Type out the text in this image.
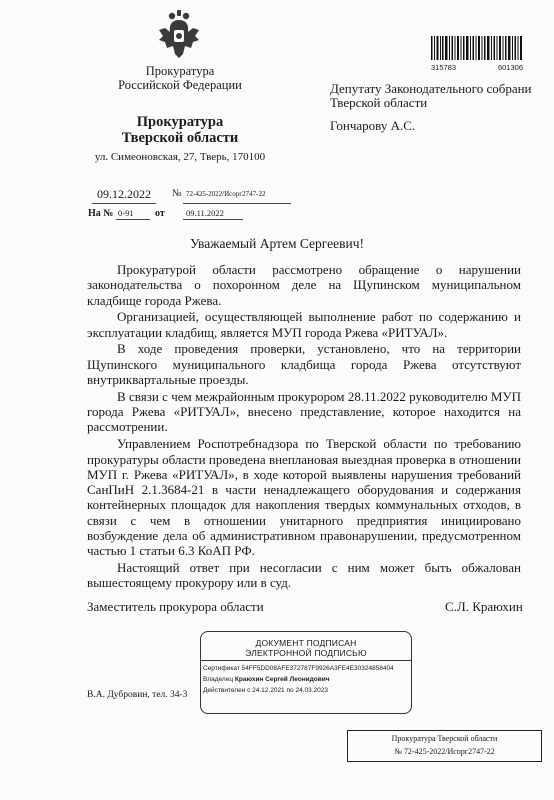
Прокуратура
Российской Федерации
Прокуратура
Тверской области
ул. Симеоновская, 27, Тверь, 170100
09.12.2022 № 72-425-2022/Исорг2747-22
На № 0-91 от 09.11.2022
315783	601306
Депутату Законодательного собрани
Тверской области
Гончарову А.С.
Уважаемый Артем Сергеевич!

Прокуратурой области рассмотрено обращение о нарушении законодательства о похоронном деле на Щупинском муниципальном кладбище города Ржева.

Организацией, осуществляющей выполнение работ по содержанию и эксплуатации кладбищ, является МУП города Ржева «РИТУАЛ».

В ходе проведения проверки, установлено, что на территории Щупинского муниципального кладбища города Ржева отсутствуют внутриквартальные проезды.

В связи с чем межрайонным прокурором 28.11.2022 руководителю МУП города Ржева «РИТУАЛ», внесено представление, которое находится на рассмотрении.

Управлением Роспотребнадзора по Тверской области по требованию прокуратуры области проведена внеплановая выездная проверка в отношении МУП г. Ржева «РИТУАЛ», в ходе которой выявлены нарушения требований СанПиН 2.1.3684-21 в части ненадлежащего оборудования и содержания контейнерных площадок для накопления твердых коммунальных отходов, в связи с чем в отношении унитарного предприятия инициировано возбуждение дела об административном правонарушении, предусмотренном частью 1 статьи 6.3 КоАП РФ.

Настоящий ответ при несогласии с ним может быть обжалован вышестоящему прокурору или в суд.

Заместитель прокурора области	С.Л. Краюхин
ДОКУМЕНТ ПОДПИСАН
ЭЛЕКТРОННОЙ ПОДПИСЬЮ
Сертификат 54FF5DD08AFE372787F9926A3FE4E30324858404
Владелец Краюхин Сергей Леонидович
Действителен с 24.12.2021 по 24.03.2023
В.А. Дубровин, тел. 34-3
Прокуратура Тверской области
№ 72-425-2022/Исорг2747-22
